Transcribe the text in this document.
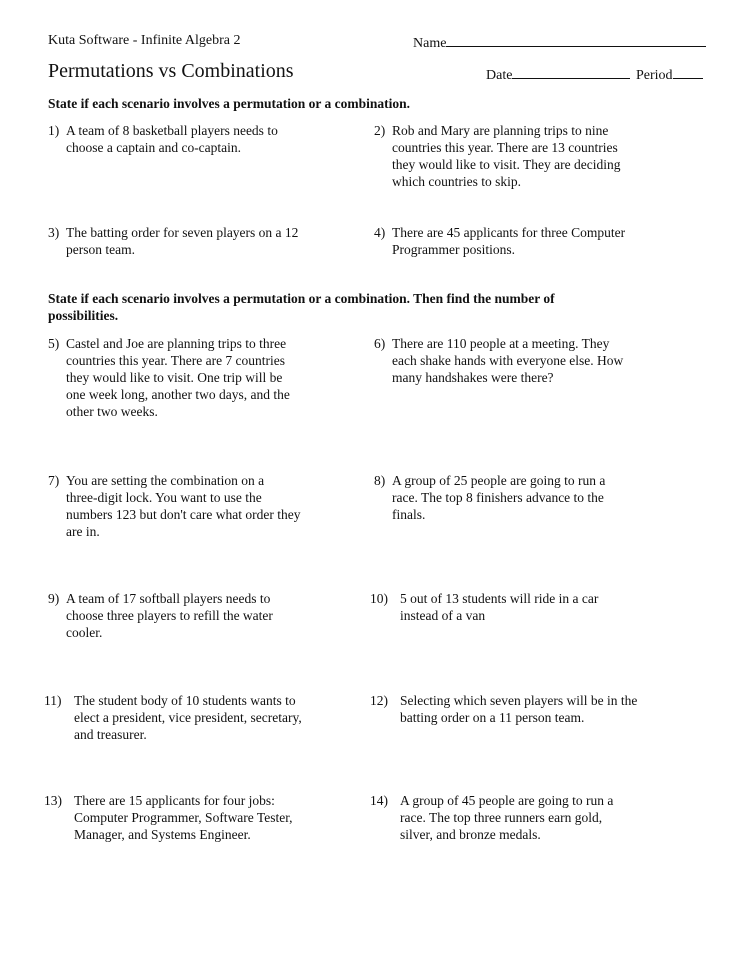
Kuta Software - Infinite Algebra 2	Name
Permutations vs Combinations	Date	Period
State if each scenario involves a permutation or a combination.
State if each scenario involves a permutation or a combination. Then find the number of
possibilities.
1) A team of 8 basketball players needs to
choose a captain and co-captain.
2) Rob and Mary are planning trips to nine
countries this year. There are 13 countries
they would like to visit. They are deciding
which countries to skip.
3) The batting order for seven players on a 12
person team.
4) There are 45 applicants for three Computer
Programmer positions.
5) Castel and Joe are planning trips to three
countries this year. There are 7 countries
they would like to visit. One trip will be
one week long, another two days, and the
other two weeks.
6) There are 110 people at a meeting. They
each shake hands with everyone else. How
many handshakes were there?
7) You are setting the combination on a
three-digit lock. You want to use the
numbers 123 but don't care what order they
are in.
8) A group of 25 people are going to run a
race. The top 8 finishers advance to the
finals.
9) A team of 17 softball players needs to
choose three players to refill the water
cooler.
10) 5 out of 13 students will ride in a car
instead of a van
11) The student body of 10 students wants to
elect a president, vice president, secretary,
and treasurer.
12) Selecting which seven players will be in the
batting order on a 11 person team.
13) There are 15 applicants for four jobs:
Computer Programmer, Software Tester,
Manager, and Systems Engineer.
14) A group of 45 people are going to run a
race. The top three runners earn gold,
silver, and bronze medals.
